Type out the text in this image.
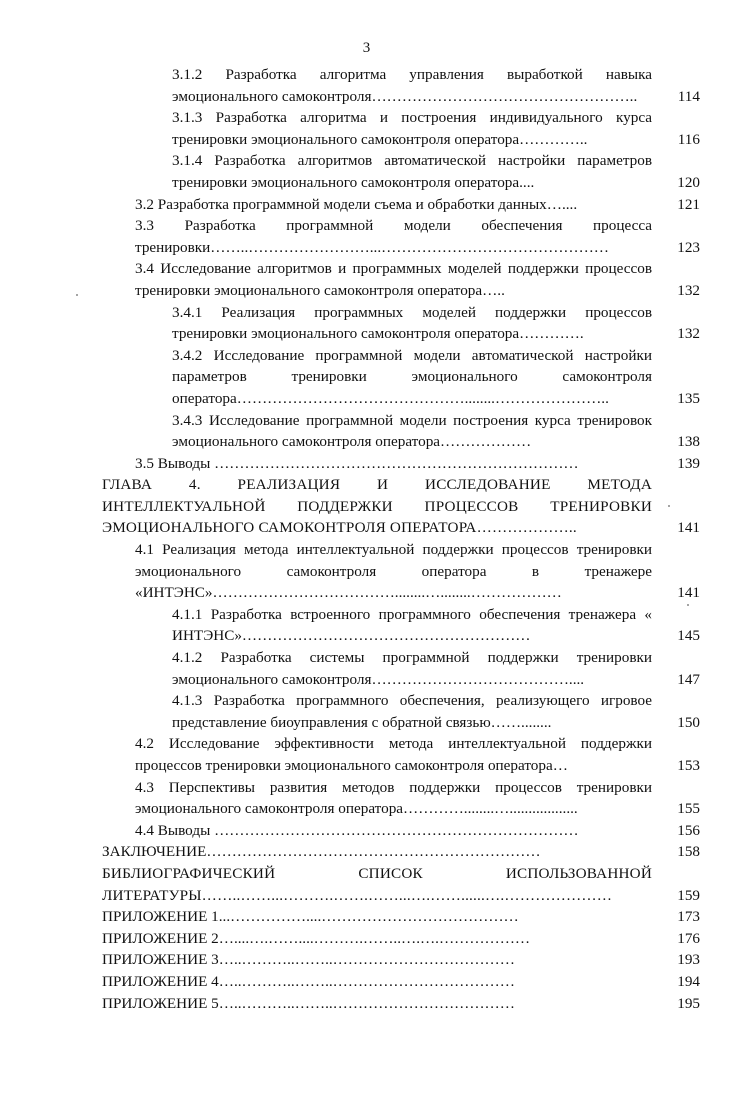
3
3.1.2 Разработка алгоритма управления выработкой навыка эмоционального самоконтроля……………………………………………..	114
3.1.3 Разработка алгоритма и построения индивидуального курса тренировки эмоционального самоконтроля оператора…………..	116
3.1.4 Разработка алгоритмов автоматической настройки параметров тренировки эмоционального самоконтроля оператора....	120
3.2 Разработка программной модели съема и обработки данных…....	121
3.3 Разработка программной модели обеспечения процесса тренировки……..……………………...………………………………………	123
3.4 Исследование алгоритмов и программных моделей поддержки процессов тренировки эмоционального самоконтроля оператора…..	132
3.4.1 Реализация программных моделей поддержки процессов тренировки эмоционального самоконтроля оператора………….	132
3.4.2 Исследование программной модели автоматической настройки параметров тренировки эмоционального самоконтроля оператора………………………………………........…………………..	135
3.4.3 Исследование программной модели построения курса тренировок эмоционального самоконтроля оператора………………	138
3.5 Выводы ………………………………………………………………	139
ГЛАВА 4. РЕАЛИЗАЦИЯ И ИССЛЕДОВАНИЕ МЕТОДА ИНТЕЛЛЕКТУАЛЬНОЙ ПОДДЕРЖКИ ПРОЦЕССОВ ТРЕНИРОВКИ ЭМОЦИОНАЛЬНОГО САМОКОНТРОЛЯ ОПЕРАТОРА………………..	141
4.1 Реализация метода интеллектуальной поддержки процессов тренировки эмоционального самоконтроля оператора в тренажере «ИНТЭНС»………………………………........…........………………	141
4.1.1 Разработка встроенного программного обеспечения тренажера « ИНТЭНС»…………………………………………………	145
4.1.2 Разработка системы программной поддержки тренировки эмоционального самоконтроля…………………………………....	147
4.1.3 Разработка программного обеспечения, реализующего игровое представление биоуправления с обратной связью……........	150
4.2 Исследование эффективности метода интеллектуальной поддержки процессов тренировки эмоционального самоконтроля оператора…	153
4.3 Перспективы развития методов поддержки процессов тренировки эмоционального самоконтроля оператора…………........…..................	155
4.4 Выводы ………………………………………………………………	156
ЗАКЛЮЧЕНИЕ…………………………………………………………	158
БИБЛИОГРАФИЧЕСКИЙ СПИСОК ИСПОЛЬЗОВАННОЙ ЛИТЕРАТУРЫ……..……...……….…….……...….……......….…………………	159
ПРИЛОЖЕНИЕ 1...……………....…………………………………	173
ПРИЛОЖЕНИЕ 2…....….……....……….……..….….………………	176
ПРИЛОЖЕНИЕ 3…..………..……..………………………………	193
ПРИЛОЖЕНИЕ 4…..………..……..………………………………	194
ПРИЛОЖЕНИЕ 5…..………..……..………………………………	195
